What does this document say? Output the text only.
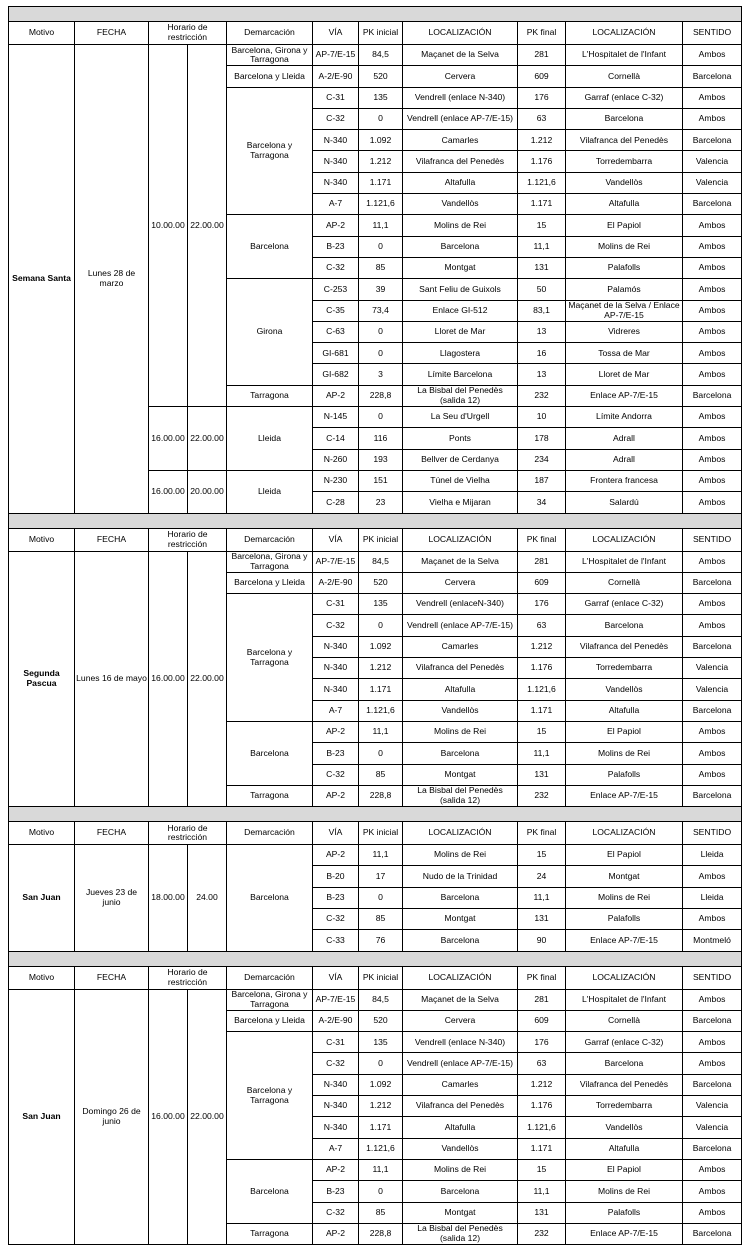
Motivo	FECHA	Horario de restricción		Demarcación	VÍA	PK inicial	LOCALIZACIÓN	PK final	LOCALIZACIÓN	SENTIDO
Semana Santa	Lunes 28 de marzo	10.00.00	22.00.00	Barcelona, Girona y Tarragona	AP-7/E-15	84,5	Maçanet de la Selva	281	L'Hospitalet de l'Infant	Ambos
				Barcelona y Lleida	A-2/E-90	520	Cervera	609	Cornellà	Barcelona
				Barcelona y Tarragona	C-31	135	Vendrell (enlace N-340)	176	Garraf (enlace C-32)	Ambos
					C-32	0	Vendrell (enlace AP-7/E-15)	63	Barcelona	Ambos
					N-340	1.092	Camarles	1.212	Vilafranca del Penedès	Barcelona
					N-340	1.212	Vilafranca del Penedès	1.176	Torredembarra	Valencia
					N-340	1.171	Altafulla	1.121,6	Vandellòs	Valencia
					A-7	1.121,6	Vandellòs	1.171	Altafulla	Barcelona
				Barcelona	AP-2	11,1	Molins de Rei	15	El Papiol	Ambos
					B-23	0	Barcelona	11,1	Molins de Rei	Ambos
					C-32	85	Montgat	131	Palafolls	Ambos
				Girona	C-253	39	Sant Feliu de Guixols	50	Palamós	Ambos
					C-35	73,4	Enlace GI-512	83,1	Maçanet de la Selva / Enlace AP-7/E-15	Ambos
					C-63	0	Lloret de Mar	13	Vidreres	Ambos
					GI-681	0	Llagostera	16	Tossa de Mar	Ambos
					GI-682	3	Límite Barcelona	13	Lloret de Mar	Ambos
				Tarragona	AP-2	228,8	La Bisbal del Penedès (salida 12)	232	Enlace AP-7/E-15	Barcelona
		16.00.00	22.00.00	Lleida	N-145	0	La Seu d'Urgell	10	Límite Andorra	Ambos
					C-14	116	Ponts	178	Adrall	Ambos
					N-260	193	Bellver de Cerdanya	234	Adrall	Ambos
		16.00.00	20.00.00	Lleida	N-230	151	Túnel de Vielha	187	Frontera francesa	Ambos
					C-28	23	Vielha e Mijaran	34	Salardú	Ambos

Motivo	FECHA	Horario de restricción		Demarcación	VÍA	PK inicial	LOCALIZACIÓN	PK final	LOCALIZACIÓN	SENTIDO
Segunda Pascua	Lunes 16 de mayo	16.00.00	22.00.00	Barcelona, Girona y Tarragona	AP-7/E-15	84,5	Maçanet de la Selva	281	L'Hospitalet de l'Infant	Ambos
				Barcelona y Lleida	A-2/E-90	520	Cervera	609	Cornellà	Barcelona
				Barcelona y Tarragona	C-31	135	Vendrell (enlaceN-340)	176	Garraf (enlace C-32)	Ambos
					C-32	0	Vendrell (enlace AP-7/E-15)	63	Barcelona	Ambos
					N-340	1.092	Camarles	1.212	Vilafranca del Penedès	Barcelona
					N-340	1.212	Vilafranca del Penedès	1.176	Torredembarra	Valencia
					N-340	1.171	Altafulla	1.121,6	Vandellòs	Valencia
					A-7	1.121,6	Vandellòs	1.171	Altafulla	Barcelona
				Barcelona	AP-2	11,1	Molins de Rei	15	El Papiol	Ambos
					B-23	0	Barcelona	11,1	Molins de Rei	Ambos
					C-32	85	Montgat	131	Palafolls	Ambos
				Tarragona	AP-2	228,8	La Bisbal del Penedès (salida 12)	232	Enlace AP-7/E-15	Barcelona

Motivo	FECHA	Horario de restricción		Demarcación	VÍA	PK inicial	LOCALIZACIÓN	PK final	LOCALIZACIÓN	SENTIDO
San Juan	Jueves 23 de junio	18.00.00	24.00	Barcelona	AP-2	11,1	Molins de Rei	15	El Papiol	Lleida
					B-20	17	Nudo de la Trinidad	24	Montgat	Ambos
					B-23	0	Barcelona	11,1	Molins de Rei	Lleida
					C-32	85	Montgat	131	Palafolls	Ambos
					C-33	76	Barcelona	90	Enlace AP-7/E-15	Montmeló

Motivo	FECHA	Horario de restricción		Demarcación	VÍA	PK inicial	LOCALIZACIÓN	PK final	LOCALIZACIÓN	SENTIDO
San Juan	Domingo 26 de junio	16.00.00	22.00.00	Barcelona, Girona y Tarragona	AP-7/E-15	84,5	Maçanet de la Selva	281	L'Hospitalet de l'Infant	Ambos
				Barcelona y Lleida	A-2/E-90	520	Cervera	609	Cornellà	Barcelona
				Barcelona y Tarragona	C-31	135	Vendrell (enlace N-340)	176	Garraf (enlace C-32)	Ambos
					C-32	0	Vendrell (enlace AP-7/E-15)	63	Barcelona	Ambos
					N-340	1.092	Camarles	1.212	Vilafranca del Penedès	Barcelona
					N-340	1.212	Vilafranca del Penedès	1.176	Torredembarra	Valencia
					N-340	1.171	Altafulla	1.121,6	Vandellòs	Valencia
					A-7	1.121,6	Vandellòs	1.171	Altafulla	Barcelona
				Barcelona	AP-2	11,1	Molins de Rei	15	El Papiol	Ambos
					B-23	0	Barcelona	11,1	Molins de Rei	Ambos
					C-32	85	Montgat	131	Palafolls	Ambos
				Tarragona	AP-2	228,8	La Bisbal del Penedès (salida 12)	232	Enlace AP-7/E-15	Barcelona
